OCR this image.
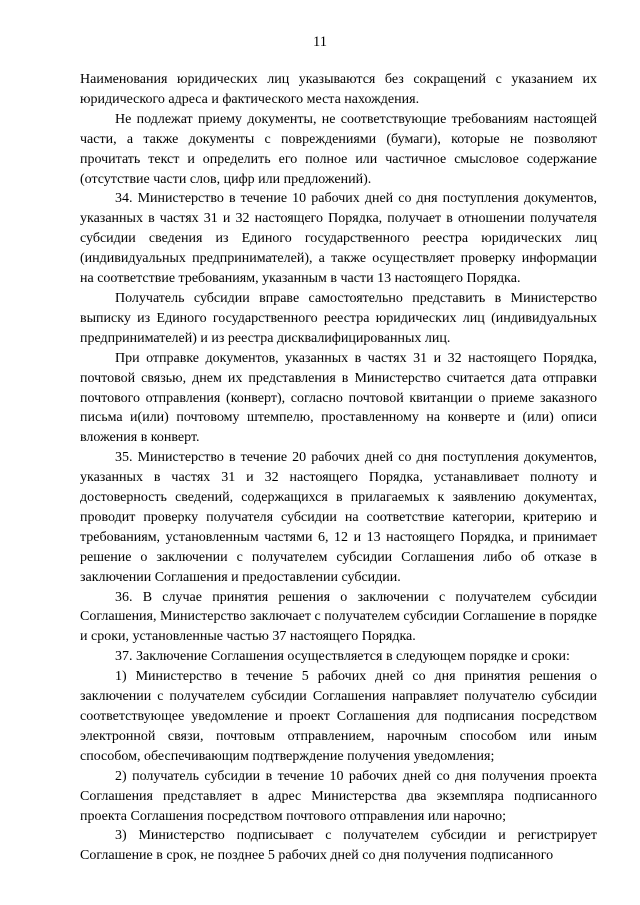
11

Наименования юридических лиц указываются без сокращений с указанием их юридического адреса и фактического места нахождения.

Не подлежат приему документы, не соответствующие требованиям настоящей части, а также документы с повреждениями (бумаги), которые не позволяют прочитать текст и определить его полное или частичное смысловое содержание (отсутствие части слов, цифр или предложений).

34. Министерство в течение 10 рабочих дней со дня поступления документов, указанных в частях 31 и 32 настоящего Порядка, получает в отношении получателя субсидии сведения из Единого государственного реестра юридических лиц (индивидуальных предпринимателей), а также осуществляет проверку информации на соответствие требованиям, указанным в части 13 настоящего Порядка.

Получатель субсидии вправе самостоятельно представить в Министерство выписку из Единого государственного реестра юридических лиц (индивидуальных предпринимателей) и из реестра дисквалифицированных лиц.

При отправке документов, указанных в частях 31 и 32 настоящего Порядка, почтовой связью, днем их представления в Министерство считается дата отправки почтового отправления (конверт), согласно почтовой квитанции о приеме заказного письма и(или) почтовому штемпелю, проставленному на конверте и (или) описи вложения в конверт.

35. Министерство в течение 20 рабочих дней со дня поступления документов, указанных в частях 31 и 32 настоящего Порядка, устанавливает полноту и достоверность сведений, содержащихся в прилагаемых к заявлению документах, проводит проверку получателя субсидии на соответствие категории, критерию и требованиям, установленным частями 6, 12 и 13 настоящего Порядка, и принимает решение о заключении с получателем субсидии Соглашения либо об отказе в заключении Соглашения и предоставлении субсидии.

36. В случае принятия решения о заключении с получателем субсидии Соглашения, Министерство заключает с получателем субсидии Соглашение в порядке и сроки, установленные частью 37 настоящего Порядка.

37. Заключение Соглашения осуществляется в следующем порядке и сроки:

1) Министерство в течение 5 рабочих дней со дня принятия решения о заключении с получателем субсидии Соглашения направляет получателю субсидии соответствующее уведомление и проект Соглашения для подписания посредством электронной связи, почтовым отправлением, нарочным способом или иным способом, обеспечивающим подтверждение получения уведомления;

2) получатель субсидии в течение 10 рабочих дней со дня получения проекта Соглашения представляет в адрес Министерства два экземпляра подписанного проекта Соглашения посредством почтового отправления или нарочно;

3) Министерство подписывает с получателем субсидии и регистрирует Соглашение в срок, не позднее 5 рабочих дней со дня получения подписанного
